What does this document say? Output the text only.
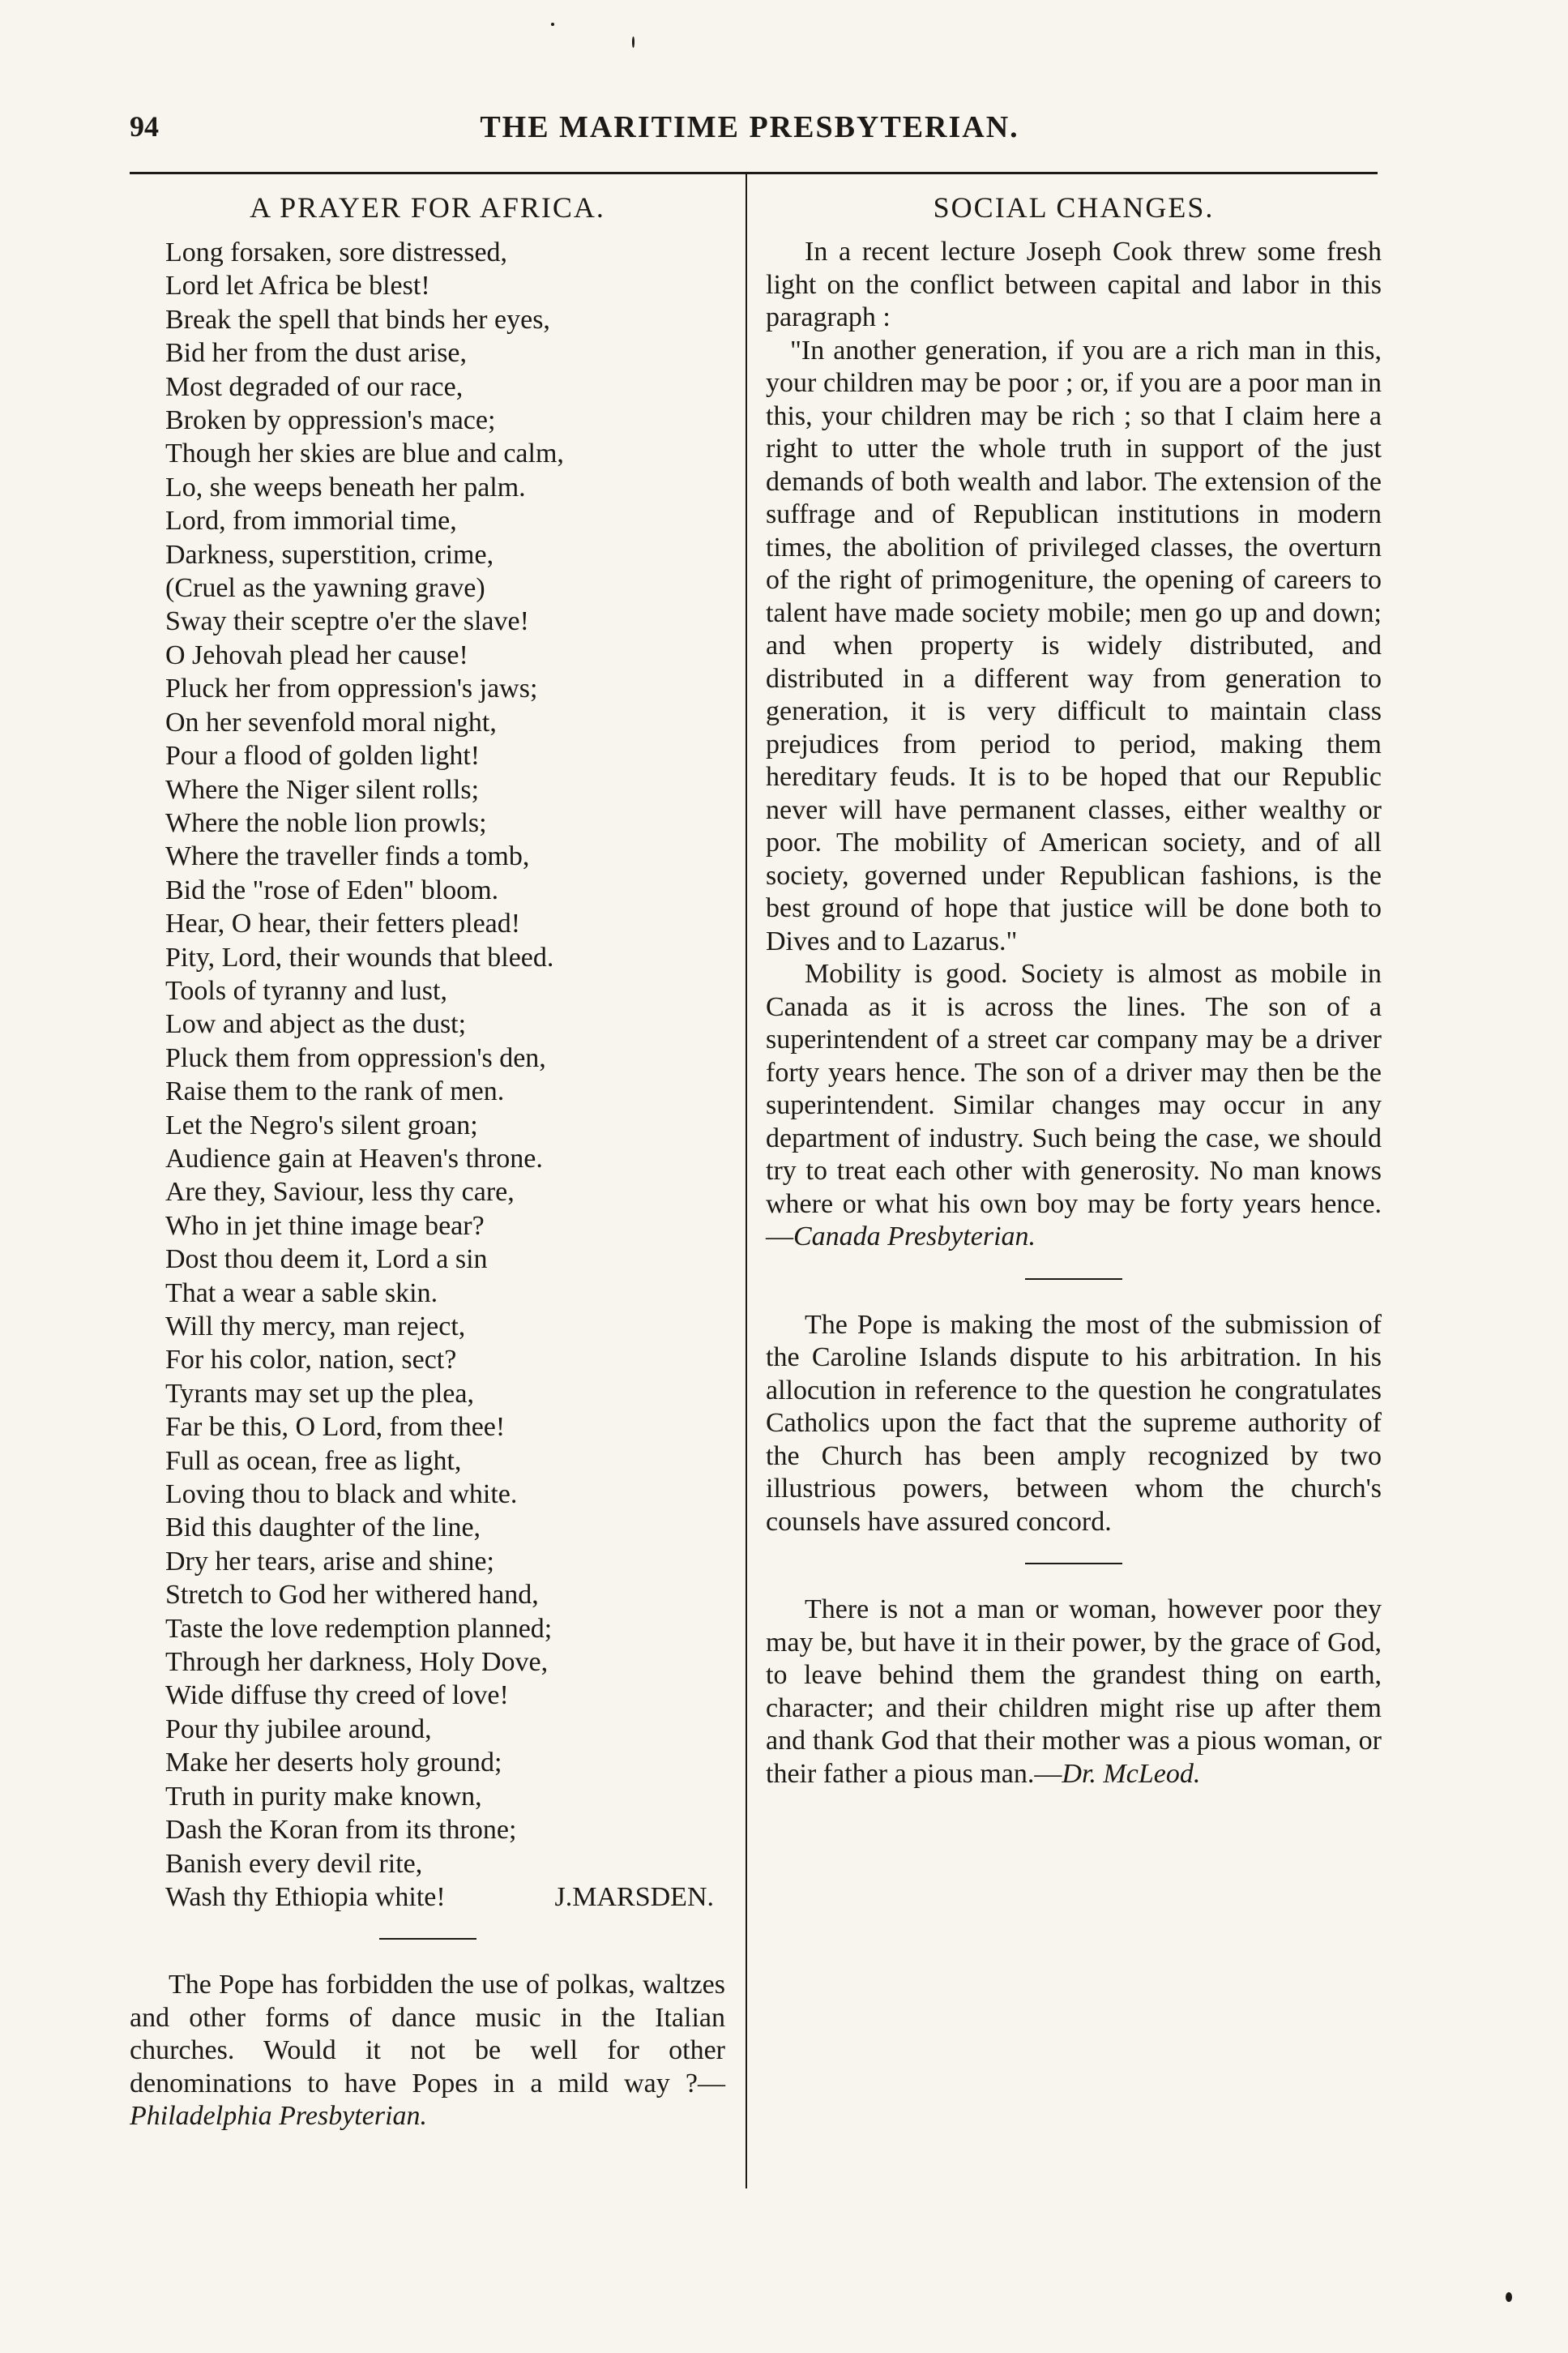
94	THE MARITIME PRESBYTERIAN.
A PRAYER FOR AFRICA.
Long forsaken, sore distressed,
Lord let Africa be blest!
Break the spell that binds her eyes,
Bid her from the dust arise,
Most degraded of our race,
Broken by oppression's mace;
Though her skies are blue and calm,
Lo, she weeps beneath her palm.
Lord, from immorial time,
Darkness, superstition, crime,
(Cruel as the yawning grave)
Sway their sceptre o'er the slave!
O Jehovah plead her cause!
Pluck her from oppression's jaws;
On her sevenfold moral night,
Pour a flood of golden light!
Where the Niger silent rolls;
Where the noble lion prowls;
Where the traveller finds a tomb,
Bid the "rose of Eden" bloom.
Hear, O hear, their fetters plead!
Pity, Lord, their wounds that bleed.
Tools of tyranny and lust,
Low and abject as the dust;
Pluck them from oppression's den,
Raise them to the rank of men.
Let the Negro's silent groan;
Audience gain at Heaven's throne.
Are they, Saviour, less thy care,
Who in jet thine image bear?
Dost thou deem it, Lord a sin
That a wear a sable skin.
Will thy mercy, man reject,
For his color, nation, sect?
Tyrants may set up the plea,
Far be this, O Lord, from thee!
Full as ocean, free as light,
Loving thou to black and white.
Bid this daughter of the line,
Dry her tears, arise and shine;
Stretch to God her withered hand,
Taste the love redemption planned;
Through her darkness, Holy Dove,
Wide diffuse thy creed of love!
Pour thy jubilee around,
Make her deserts holy ground;
Truth in purity make known,
Dash the Koran from its throne;
Banish every devil rite,
Wash thy Ethiopia white!	J.MARSDEN.

The Pope has forbidden the use of polkas, waltzes and other forms of dance music in the Italian churches. Would it not be well for other denominations to have Popes in a mild way ?—Philadelphia Presbyterian.

SOCIAL CHANGES.

In a recent lecture Joseph Cook threw some fresh light on the conflict between capital and labor in this paragraph :

"In another generation, if you are a rich man in this, your children may be poor ; or, if you are a poor man in this, your children may be rich ; so that I claim here a right to utter the whole truth in support of the just demands of both wealth and labor. The extension of the suffrage and of Republican institutions in modern times, the abolition of privileged classes, the overturn of the right of primogeniture, the opening of careers to talent have made society mobile; men go up and down; and when property is widely distributed, and distributed in a different way from generation to generation, it is very difficult to maintain class prejudices from period to period, making them hereditary feuds. It is to be hoped that our Republic never will have permanent classes, either wealthy or poor. The mobility of American society, and of all society, governed under Republican fashions, is the best ground of hope that justice will be done both to Dives and to Lazarus."

Mobility is good. Society is almost as mobile in Canada as it is across the lines. The son of a superintendent of a street car company may be a driver forty years hence. The son of a driver may then be the superintendent. Similar changes may occur in any department of industry. Such being the case, we should try to treat each other with generosity. No man knows where or what his own boy may be forty years hence.—Canada Presbyterian.

The Pope is making the most of the submission of the Caroline Islands dispute to his arbitration. In his allocution in reference to the question he congratulates Catholics upon the fact that the supreme authority of the Church has been amply recognized by two illustrious powers, between whom the church's counsels have assured concord.

There is not a man or woman, however poor they may be, but have it in their power, by the grace of God, to leave behind them the grandest thing on earth, character; and their children might rise up after them and thank God that their mother was a pious woman, or their father a pious man.—Dr. McLeod.
